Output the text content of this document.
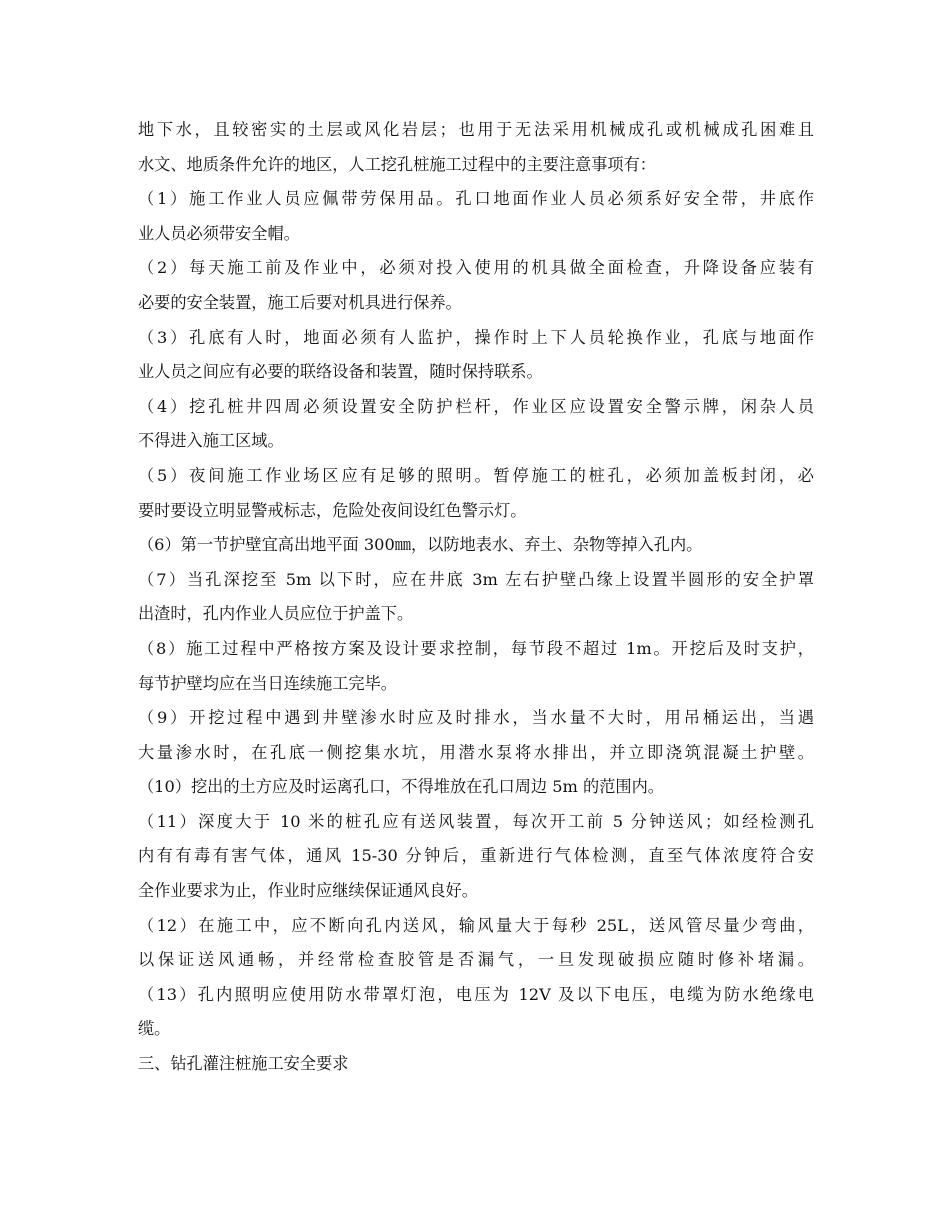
地下水，且较密实的土层或风化岩层；也用于无法采用机械成孔或机械成孔困难且
水文、地质条件允许的地区，人工挖孔桩施工过程中的主要注意事项有：
（1）施工作业人员应佩带劳保用品。孔口地面作业人员必须系好安全带，井底作
业人员必须带安全帽。
（2）每天施工前及作业中，必须对投入使用的机具做全面检查，升降设备应装有
必要的安全装置，施工后要对机具进行保养。
（3）孔底有人时，地面必须有人监护，操作时上下人员轮换作业，孔底与地面作
业人员之间应有必要的联络设备和装置，随时保持联系。
（4）挖孔桩井四周必须设置安全防护栏杆，作业区应设置安全警示牌，闲杂人员
不得进入施工区域。
（5）夜间施工作业场区应有足够的照明。暂停施工的桩孔，必须加盖板封闭，必
要时要设立明显警戒标志，危险处夜间设红色警示灯。
（6）第一节护壁宜高出地平面 300㎜，以防地表水、弃土、杂物等掉入孔内。
（7）当孔深挖至 5m 以下时，应在井底 3m 左右护壁凸缘上设置半圆形的安全护罩
出渣时，孔内作业人员应位于护盖下。
（8）施工过程中严格按方案及设计要求控制，每节段不超过 1m。开挖后及时支护，
每节护壁均应在当日连续施工完毕。
（9）开挖过程中遇到井壁渗水时应及时排水，当水量不大时，用吊桶运出，当遇
大量渗水时，在孔底一侧挖集水坑，用潜水泵将水排出，并立即浇筑混凝土护壁。
（10）挖出的土方应及时运离孔口，不得堆放在孔口周边 5m 的范围内。
（11）深度大于 10 米的桩孔应有送风装置，每次开工前 5 分钟送风；如经检测孔
内有有毒有害气体，通风 15-30 分钟后，重新进行气体检测，直至气体浓度符合安
全作业要求为止，作业时应继续保证通风良好。
（12）在施工中，应不断向孔内送风，输风量大于每秒 25L，送风管尽量少弯曲，
以保证送风通畅，并经常检查胶管是否漏气，一旦发现破损应随时修补堵漏。
（13）孔内照明应使用防水带罩灯泡，电压为 12V 及以下电压，电缆为防水绝缘电
缆。
三、钻孔灌注桩施工安全要求
